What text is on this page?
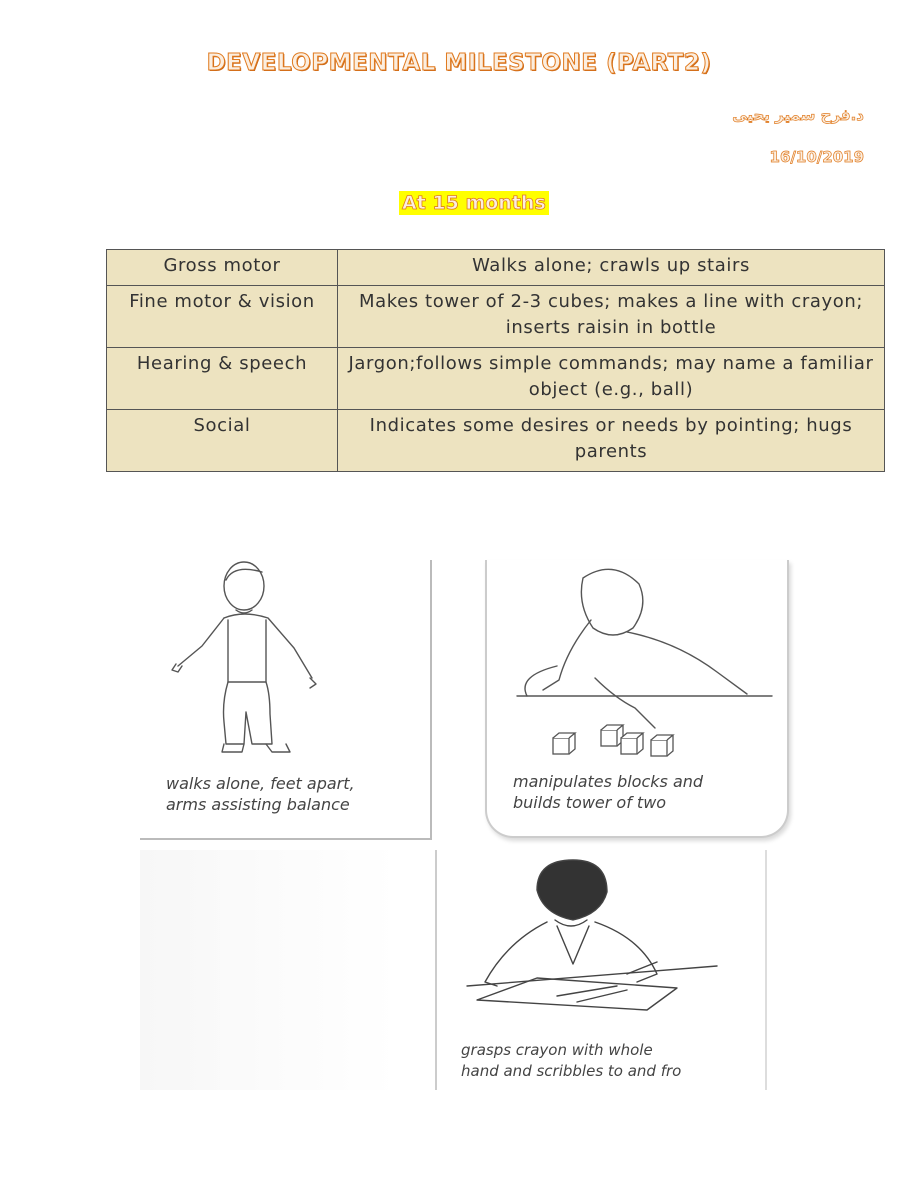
DEVELOPMENTAL MILESTONE (PART2)
د.فرح سمير يحيى
16/10/2019
At 15 months
Gross motor	Walks alone; crawls up stairs
Fine motor & vision	Makes tower of 2-3 cubes; makes a line with crayon; inserts raisin in bottle
Hearing & speech	Jargon;follows simple commands; may name a familiar object (e.g., ball)
Social	Indicates some desires or needs by pointing; hugs parents

walks alone, feet apart,
arms assisting balance

manipulates blocks and
builds tower of two

grasps crayon with whole
hand and scribbles to and fro
